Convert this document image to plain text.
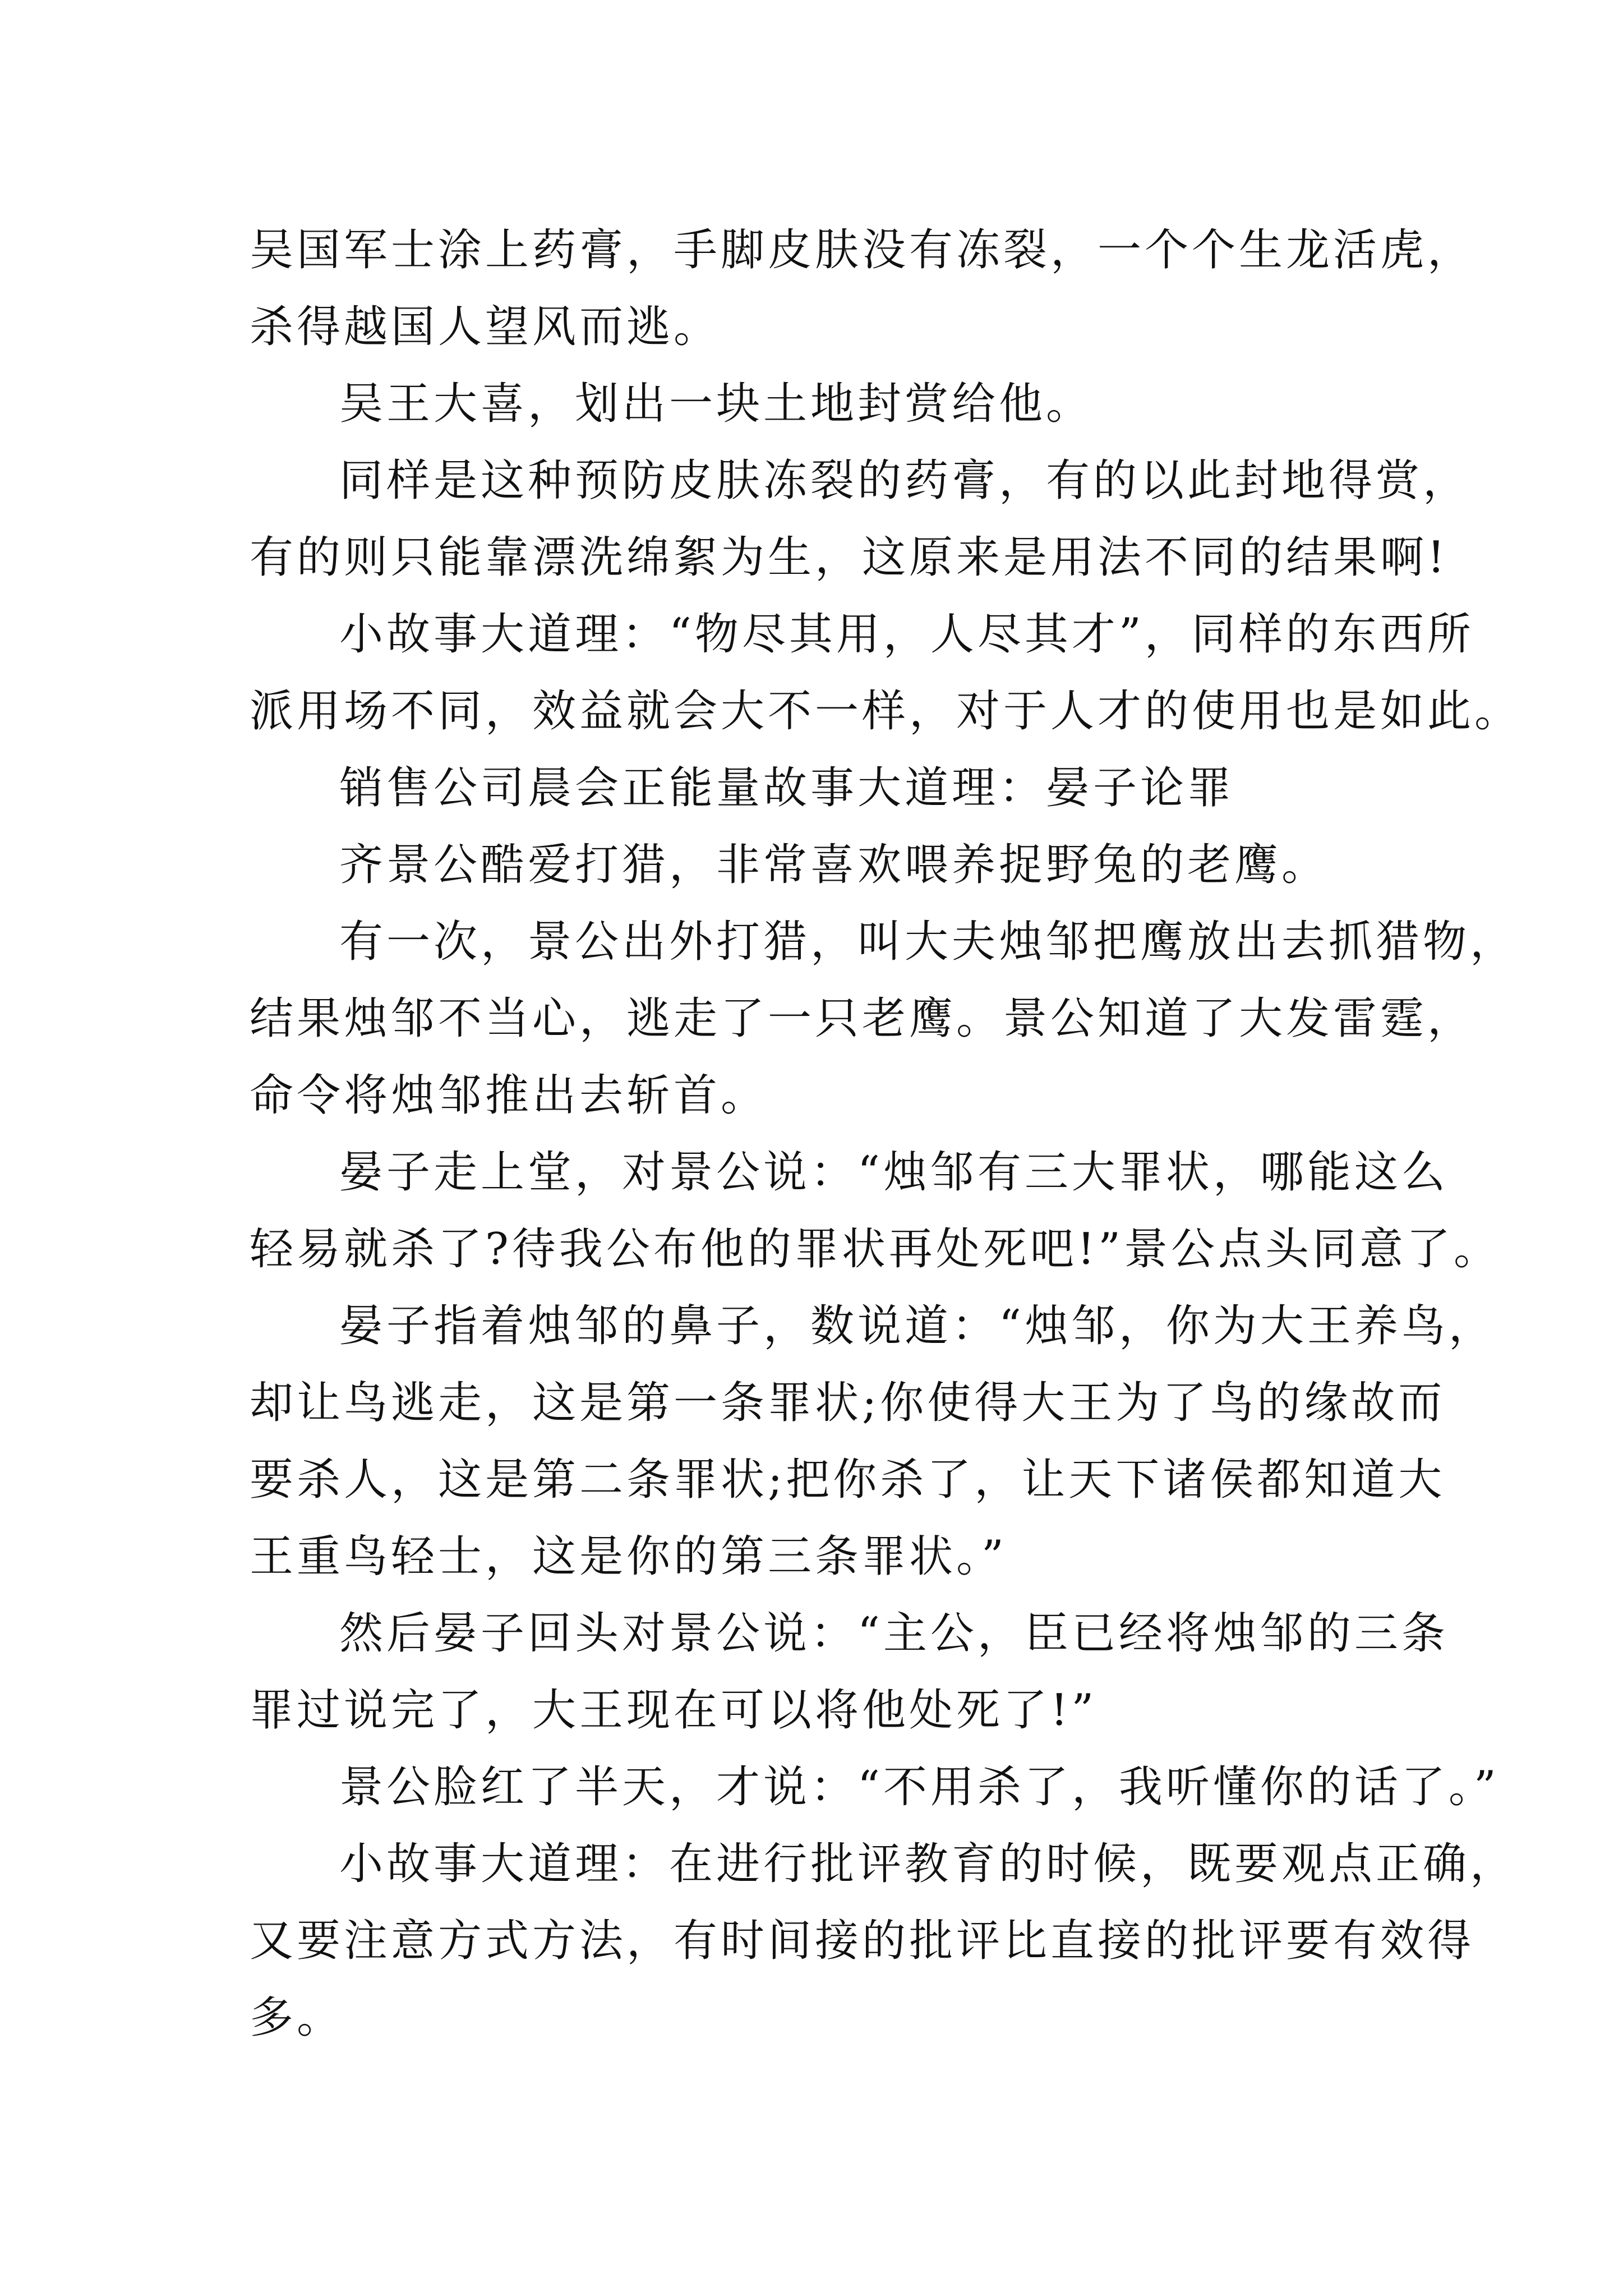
吴国军士涂上药膏，手脚皮肤没有冻裂，一个个生龙活虎，
杀得越国人望风而逃。

吴王大喜，划出一块土地封赏给他。

同样是这种预防皮肤冻裂的药膏，有的以此封地得赏，
有的则只能靠漂洗绵絮为生，这原来是用法不同的结果啊!

小故事大道理：“物尽其用，人尽其才”，同样的东西所
派用场不同，效益就会大不一样，对于人才的使用也是如此。

销售公司晨会正能量故事大道理：晏子论罪

齐景公酷爱打猎，非常喜欢喂养捉野兔的老鹰。

有一次，景公出外打猎，叫大夫烛邹把鹰放出去抓猎物，
结果烛邹不当心，逃走了一只老鹰。景公知道了大发雷霆，
命令将烛邹推出去斩首。

晏子走上堂，对景公说：“烛邹有三大罪状，哪能这么
轻易就杀了?待我公布他的罪状再处死吧!”景公点头同意了。

晏子指着烛邹的鼻子，数说道：“烛邹，你为大王养鸟，
却让鸟逃走，这是第一条罪状;你使得大王为了鸟的缘故而
要杀人，这是第二条罪状;把你杀了，让天下诸侯都知道大
王重鸟轻士，这是你的第三条罪状。”

然后晏子回头对景公说：“主公，臣已经将烛邹的三条
罪过说完了，大王现在可以将他处死了!”

景公脸红了半天，才说：“不用杀了，我听懂你的话了。”

小故事大道理：在进行批评教育的时候，既要观点正确，
又要注意方式方法，有时间接的批评比直接的批评要有效得
多。
